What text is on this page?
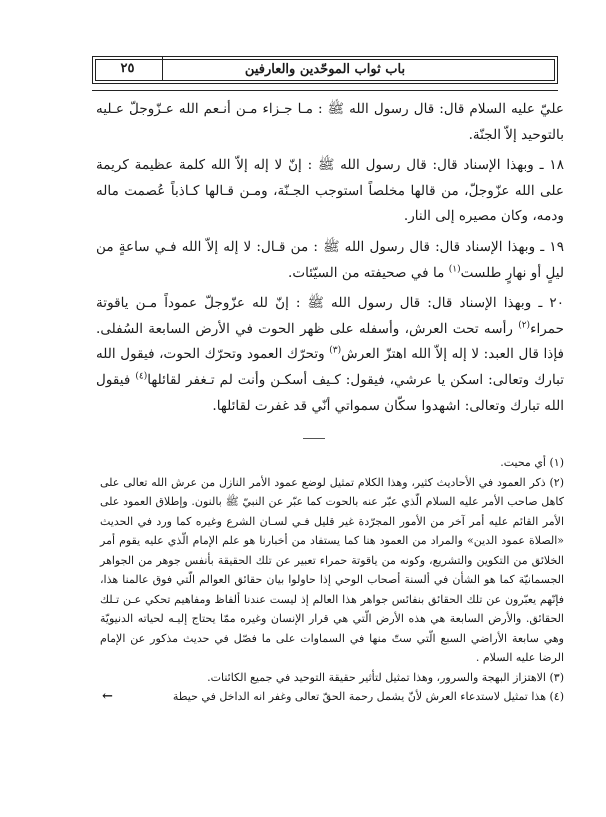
٢٥	باب ثواب الموحّدين والعارفين

عليّ عليه السلام قال: قال رسول الله ﷺ : مـا جـزاء مـن أنـعم الله عـزّوجلّ عـليه بالتوحيد إلاّ الجنّة.

١٨ ـ وبهذا الإسناد قال: قال رسول الله ﷺ : إنّ لا إله إلاّ الله كلمة عظيمة كريمة على الله عزّوجلّ، من قالها مخلصاً استوجب الجـنّة، ومـن قـالها كـاذباً عُصمت ماله ودمه، وكان مصيره إلى النار.

١٩ ـ وبهذا الإسناد قال: قال رسول الله ﷺ : من قـال: لا إله إلاّ الله فـي ساعةٍ من ليلٍ أو نهارٍ طلست$^{(١)}$ ما في صحيفته من السيّئات.

٢٠ ـ وبهذا الإسناد قال: قال رسول الله ﷺ : إنّ لله عزّوجلّ عموداً مـن ياقوتة حمراء$^{(٢)}$ رأسه تحت العرش، وأسفله على ظهر الحوت في الأرض السابعة السُفلى. فإذا قال العبد: لا إله إلاّ الله اهتزّ العرش$^{(٣)}$ وتحرّك العمود وتحرّك الحوت، فيقول الله تبارك وتعالى: اسكن يا عرشي، فيقول: كـيف أسكـن وأنت لم تـغفر لقائلها$^{(٤)}$ فيقول الله تبارك وتعالى: اشهدوا سكّان سمواتي أنّي قد غفرت لقائلها.

(١) أي محيت.

(٢) ذكر العمود في الأحاديث كثير، وهذا الكلام تمثيل لوضع عمود الأمر النازل من عرش الله تعالى على كاهل صاحب الأمر عليه السلام الّذي عبّر عنه بالحوت كما عبّر عن النبيّ ﷺ بالنون. وإطلاق العمود على الأمر القائم عليه أمر آخر من الأمور المجرّدة غير قليل فـي لسـان الشرع وغيره كما ورد في الحديث «الصلاة عمود الدين» والمراد من العمود هنا كما يستفاد من أخبارنا هو علم الإمام الّذي عليه يقوم أمر الخلائق من التكوين والتشريع، وكونه من ياقوتة حمراء تعبير عن تلك الحقيقة بأنفس جوهر من الجواهر الجسمانيّة كما هو الشأن في ألسنة أصحاب الوحي إذا حاولوا بيان حقائق العوالم الّتي فوق عالمنا هذا، فإنّهم يعبّرون عن تلك الحقائق بنفائس جواهر هذا العالم إذ ليست عندنا ألفاظ ومفاهيم تحكي عـن تـلك الحقائق. والأرض السابعة هي هذه الأرض الّتي هي قرار الإنسان وغيره ممّا يحتاج إليـه لحياته الدنيويّة وهي سابعة الأراضي السبع الّتي ستّ منها في السماوات على ما فصّل في حديث مذكور عن الإمام الرضا عليه السلام .

(٣) الاهتزاز البهجة والسرور، وهذا تمثيل لتأثير حقيقة التوحيد في جميع الكائنات.

(٤) هذا تمثيل لاستدعاء العرش لأنّ يشمل رحمة الحقّ تعالى وغفر انه الداخل في حيطة
←
